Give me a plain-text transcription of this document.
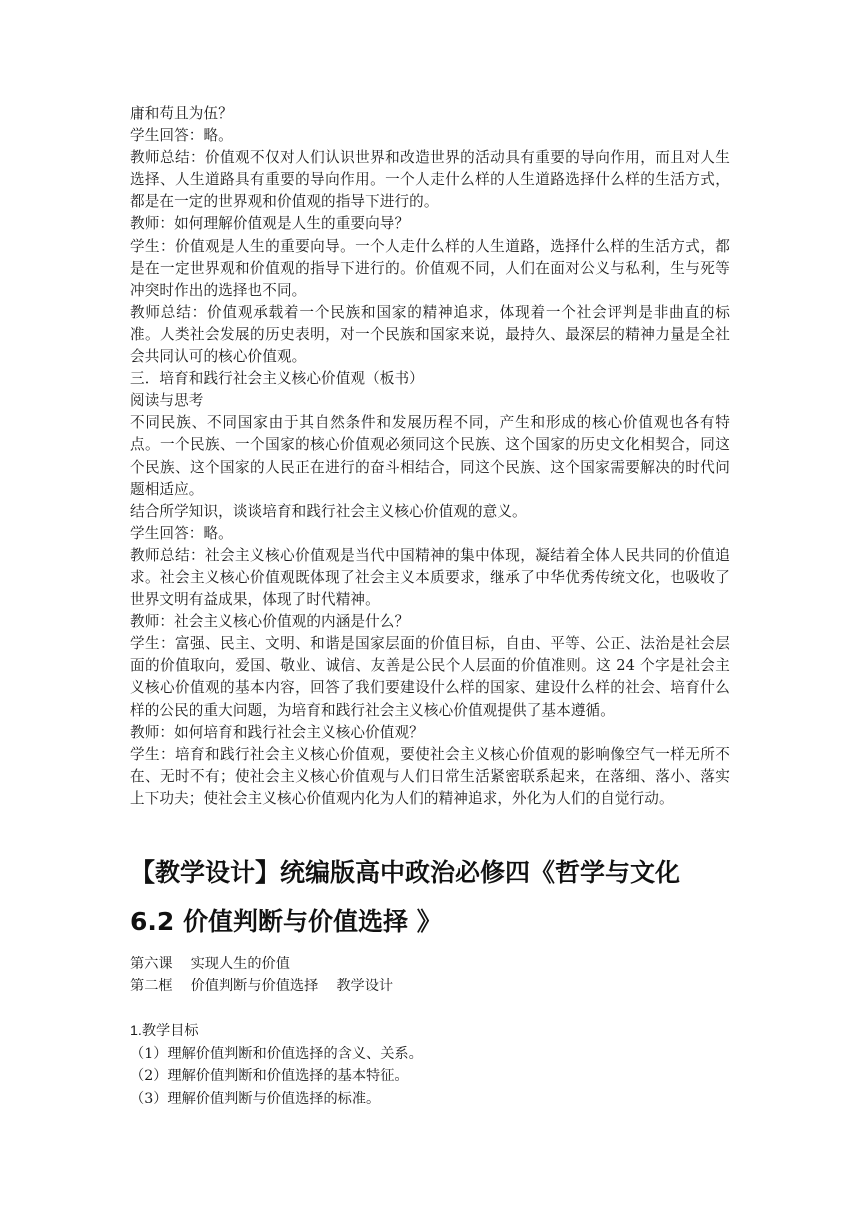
庸和苟且为伍？

学生回答：略。

教师总结：价值观不仅对人们认识世界和改造世界的活动具有重要的导向作用，而且对人生选择、人生道路具有重要的导向作用。一个人走什么样的人生道路选择什么样的生活方式，都是在一定的世界观和价值观的指导下进行的。

教师：如何理解价值观是人生的重要向导？

学生：价值观是人生的重要向导。一个人走什么样的人生道路，选择什么样的生活方式，都是在一定世界观和价值观的指导下进行的。价值观不同，人们在面对公义与私利，生与死等冲突时作出的选择也不同。

教师总结：价值观承载着一个民族和国家的精神追求，体现着一个社会评判是非曲直的标准。人类社会发展的历史表明，对一个民族和国家来说，最持久、最深层的精神力量是全社会共同认可的核心价值观。

三．培育和践行社会主义核心价值观（板书）

阅读与思考

不同民族、不同国家由于其自然条件和发展历程不同，产生和形成的核心价值观也各有特点。一个民族、一个国家的核心价值观必须同这个民族、这个国家的历史文化相契合，同这个民族、这个国家的人民正在进行的奋斗相结合，同这个民族、这个国家需要解决的时代问题相适应。

结合所学知识，谈谈培育和践行社会主义核心价值观的意义。

学生回答：略。

教师总结：社会主义核心价值观是当代中国精神的集中体现，凝结着全体人民共同的价值追求。社会主义核心价值观既体现了社会主义本质要求，继承了中华优秀传统文化，也吸收了世界文明有益成果，体现了时代精神。

教师：社会主义核心价值观的内涵是什么？

学生：富强、民主、文明、和谐是国家层面的价值目标，自由、平等、公正、法治是社会层面的价值取向，爱国、敬业、诚信、友善是公民个人层面的价值准则。这 24 个字是社会主义核心价值观的基本内容，回答了我们要建设什么样的国家、建设什么样的社会、培育什么样的公民的重大问题，为培育和践行社会主义核心价值观提供了基本遵循。

教师：如何培育和践行社会主义核心价值观？

学生：培育和践行社会主义核心价值观，要使社会主义核心价值观的影响像空气一样无所不在、无时不有；使社会主义核心价值观与人们日常生活紧密联系起来，在落细、落小、落实上下功夫；使社会主义核心价值观内化为人们的精神追求，外化为人们的自觉行动。

【教学设计】统编版高中政治必修四《哲学与文化 6.2 价值判断与价值选择 》

第六课    实现人生的价值

第二框    价值判断与价值选择    教学设计

1.教学目标

（1）理解价值判断和价值选择的含义、关系。

（2）理解价值判断和价值选择的基本特征。

（3）理解价值判断与价值选择的标准。
